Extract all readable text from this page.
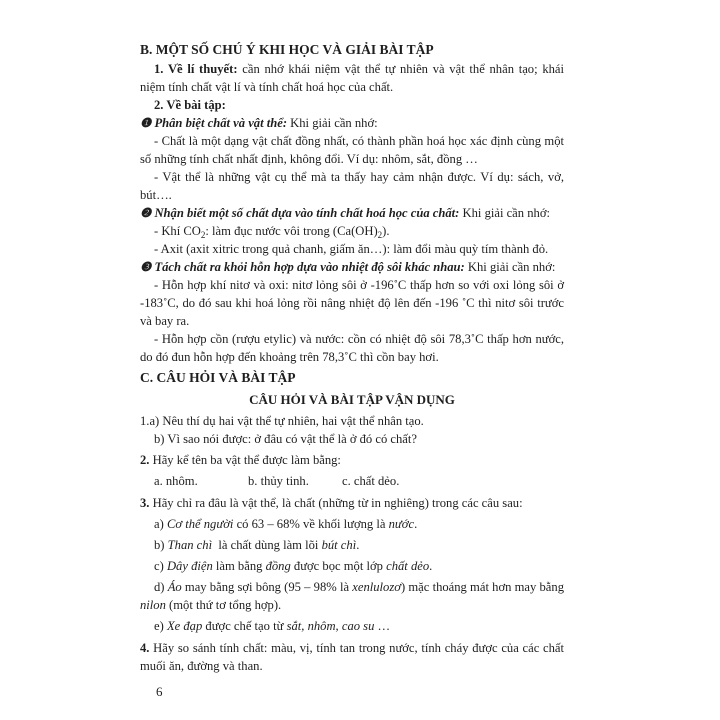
B. MỘT SỐ CHÚ Ý KHI HỌC VÀ GIẢI BÀI TẬP
1. Về lí thuyết: cần nhớ khái niệm vật thể tự nhiên và vật thể nhân tạo; khái niệm tính chất vật lí và tính chất hoá học của chất.
2. Về bài tập:
❶ Phân biệt chất và vật thể: Khi giải cần nhớ:
- Chất là một dạng vật chất đồng nhất, có thành phần hoá học xác định cùng một số những tính chất nhất định, không đổi. Ví dụ: nhôm, sắt, đồng …
- Vật thể là những vật cụ thể mà ta thấy hay cảm nhận được. Ví dụ: sách, vở, bút….
❷ Nhận biết một số chất dựa vào tính chất hoá học của chất: Khi giải cần nhớ:
- Khí $CO_2$: làm đục nước vôi trong $(Ca(OH)_2)$.
- Axit (axit xitric trong quả chanh, giấm ăn…): làm đổi màu quỳ tím thành đỏ.
❸ Tách chất ra khỏi hỗn hợp dựa vào nhiệt độ sôi khác nhau: Khi giải cần nhớ:
- Hỗn hợp khí nitơ và oxi: nitơ lỏng sôi ở -196˚C thấp hơn so với oxi lỏng sôi ở -183˚C, do đó sau khi hoá lỏng rồi nâng nhiệt độ lên đến -196 ˚C thì nitơ sôi trước và bay ra.
- Hỗn hợp cồn (rượu etylic) và nước: cồn có nhiệt độ sôi 78,3˚C thấp hơn nước, do đó đun hỗn hợp đến khoảng trên 78,3˚C thì cồn bay hơi.
C. CÂU HỎI VÀ BÀI TẬP
CÂU HỎI VÀ BÀI TẬP VẬN DỤNG
1.a) Nêu thí dụ hai vật thể tự nhiên, hai vật thể nhân tạo.
b) Vì sao nói được: ở đâu có vật thể là ở đó có chất?
2. Hãy kể tên ba vật thể được làm bằng:
a. nhôm.	b. thủy tinh.	c. chất dẻo.
3. Hãy chỉ ra đâu là vật thể, là chất (những từ in nghiêng) trong các câu sau:
a) Cơ thể người có 63 – 68% về khối lượng là nước.
b) Than chì  là chất dùng làm lõi bút chì.
c) Dây điện làm bằng đồng được bọc một lớp chất dẻo.
d) Áo may bằng sợi bông (95 – 98% là xenlulozơ) mặc thoáng mát hơn may bằng nilon (một thứ tơ tổng hợp).
e) Xe đạp được chế tạo từ sắt, nhôm, cao su …
4. Hãy so sánh tính chất: màu, vị, tính tan trong nước, tính cháy được của các chất muối ăn, đường và than.
6
